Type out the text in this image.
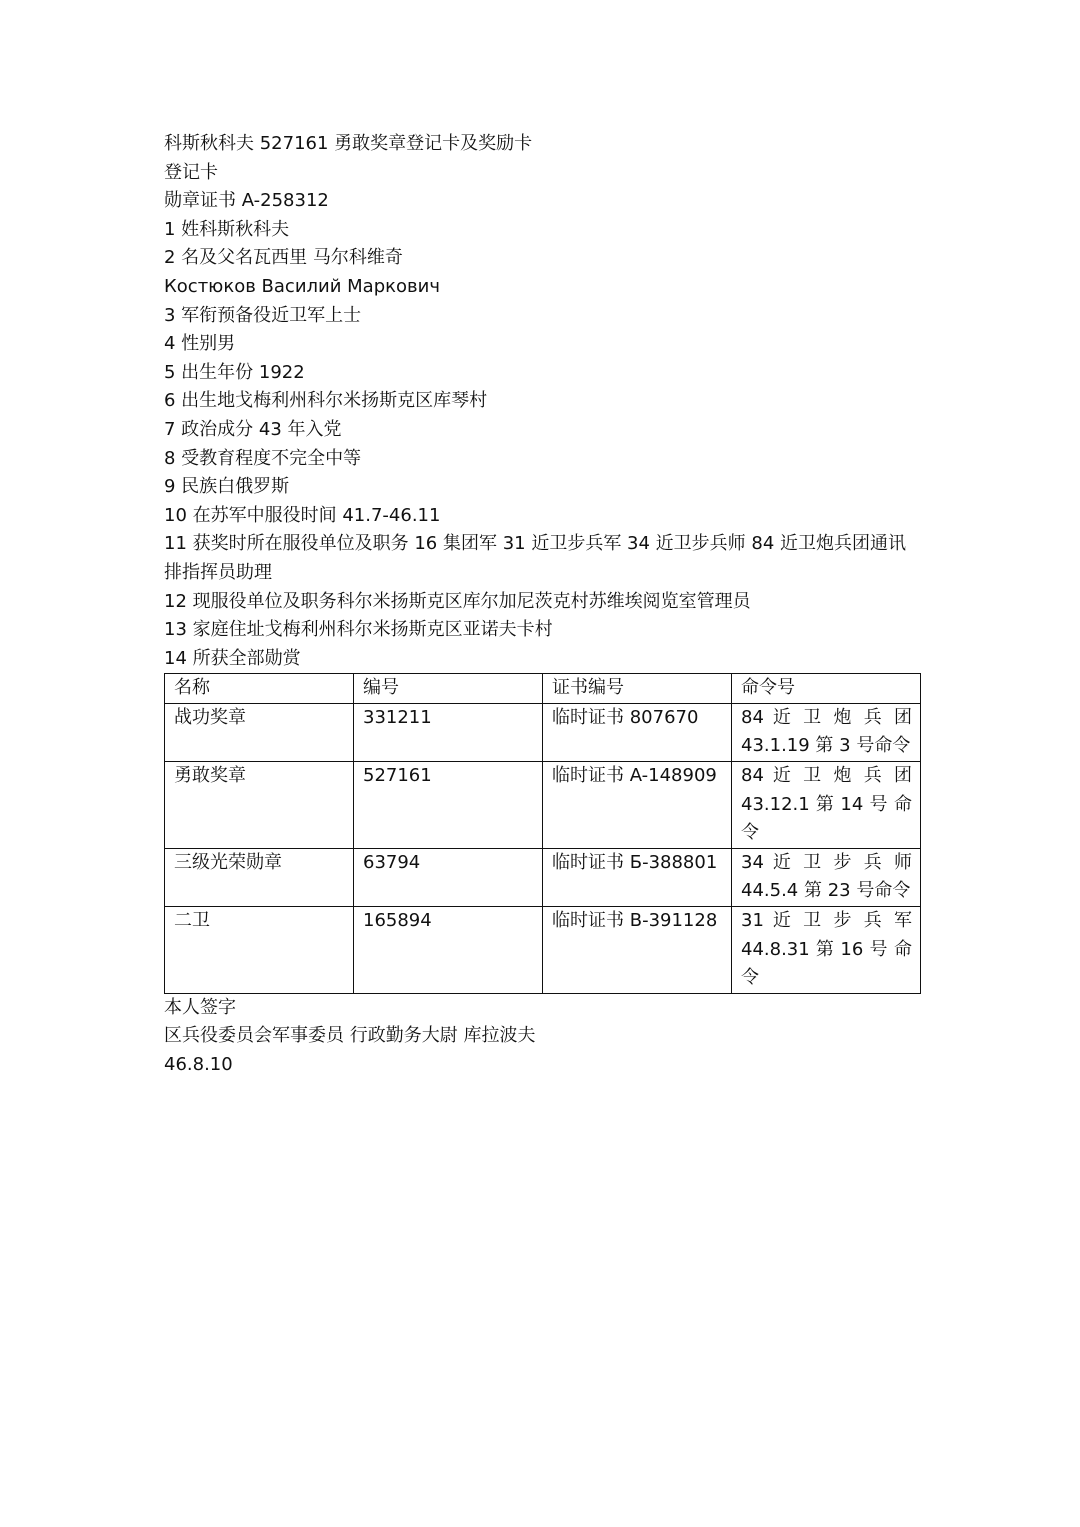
科斯秋科夫 527161 勇敢奖章登记卡及奖励卡

登记卡

勋章证书 A-258312

1 姓科斯秋科夫

2 名及父名瓦西里 马尔科维奇

Костюков Василий Маркович

3 军衔预备役近卫军上士

4 性别男

5 出生年份 1922

6 出生地戈梅利州科尔米扬斯克区库琴村

7 政治成分 43 年入党

8 受教育程度不完全中等

9 民族白俄罗斯

10 在苏军中服役时间 41.7-46.11

11 获奖时所在服役单位及职务 16 集团军 31 近卫步兵军 34 近卫步兵师 84 近卫炮兵团通讯排指挥员助理

12 现服役单位及职务科尔米扬斯克区库尔加尼茨克村苏维埃阅览室管理员

13 家庭住址戈梅利州科尔米扬斯克区亚诺夫卡村

14 所获全部勋赏

名称	编号	证书编号	命令号
战功奖章	331211	临时证书 807670	84 近 卫 炮 兵 团 43.1.19 第 3 号命令
勇敢奖章	527161	临时证书 A-148909	84 近 卫 炮 兵 团 43.12.1 第 14 号 命 令
三级光荣勋章	63794	临时证书 Б-388801	34 近 卫 步 兵 师 44.5.4 第 23 号命令
二卫	165894	临时证书 B-391128	31 近 卫 步 兵 军 44.8.31 第 16 号 命 令

本人签字

区兵役委员会军事委员 行政勤务大尉 库拉波夫

46.8.10
